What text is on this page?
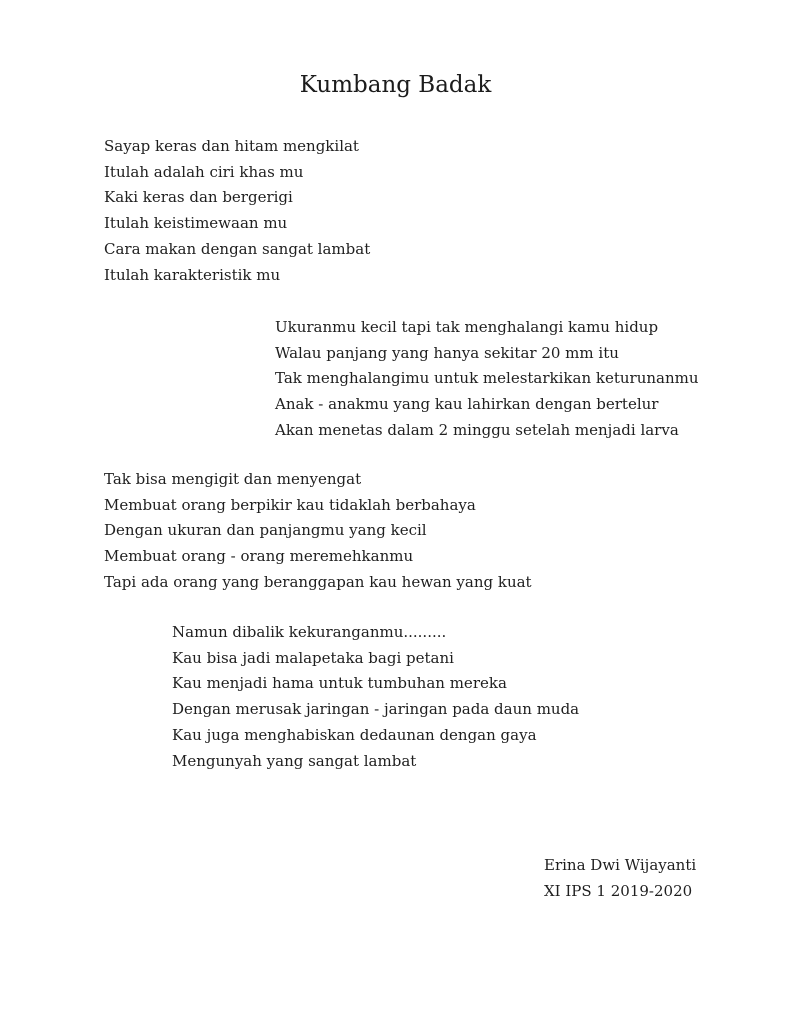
Kumbang Badak
Sayap keras dan hitam mengkilat
Itulah adalah ciri khas mu
Kaki keras dan bergerigi
Itulah keistimewaan mu
Cara makan dengan sangat lambat
Itulah karakteristik mu
Ukuranmu kecil tapi tak menghalangi kamu hidup
Walau panjang yang hanya sekitar 20 mm itu
Tak menghalangimu untuk melestarkikan keturunanmu
Anak - anakmu yang kau lahirkan dengan bertelur
Akan menetas dalam 2 minggu setelah menjadi larva
Tak bisa mengigit dan menyengat
Membuat orang berpikir kau tidaklah berbahaya
Dengan ukuran dan panjangmu yang kecil
Membuat orang - orang meremehkanmu
Tapi ada orang yang beranggapan kau hewan yang kuat
Namun dibalik kekuranganmu.........
Kau bisa jadi malapetaka bagi petani
Kau menjadi hama untuk tumbuhan mereka
Dengan merusak jaringan - jaringan pada daun muda
Kau juga menghabiskan dedaunan dengan gaya
Mengunyah yang sangat lambat
Erina Dwi Wijayanti
XI IPS 1 2019-2020
